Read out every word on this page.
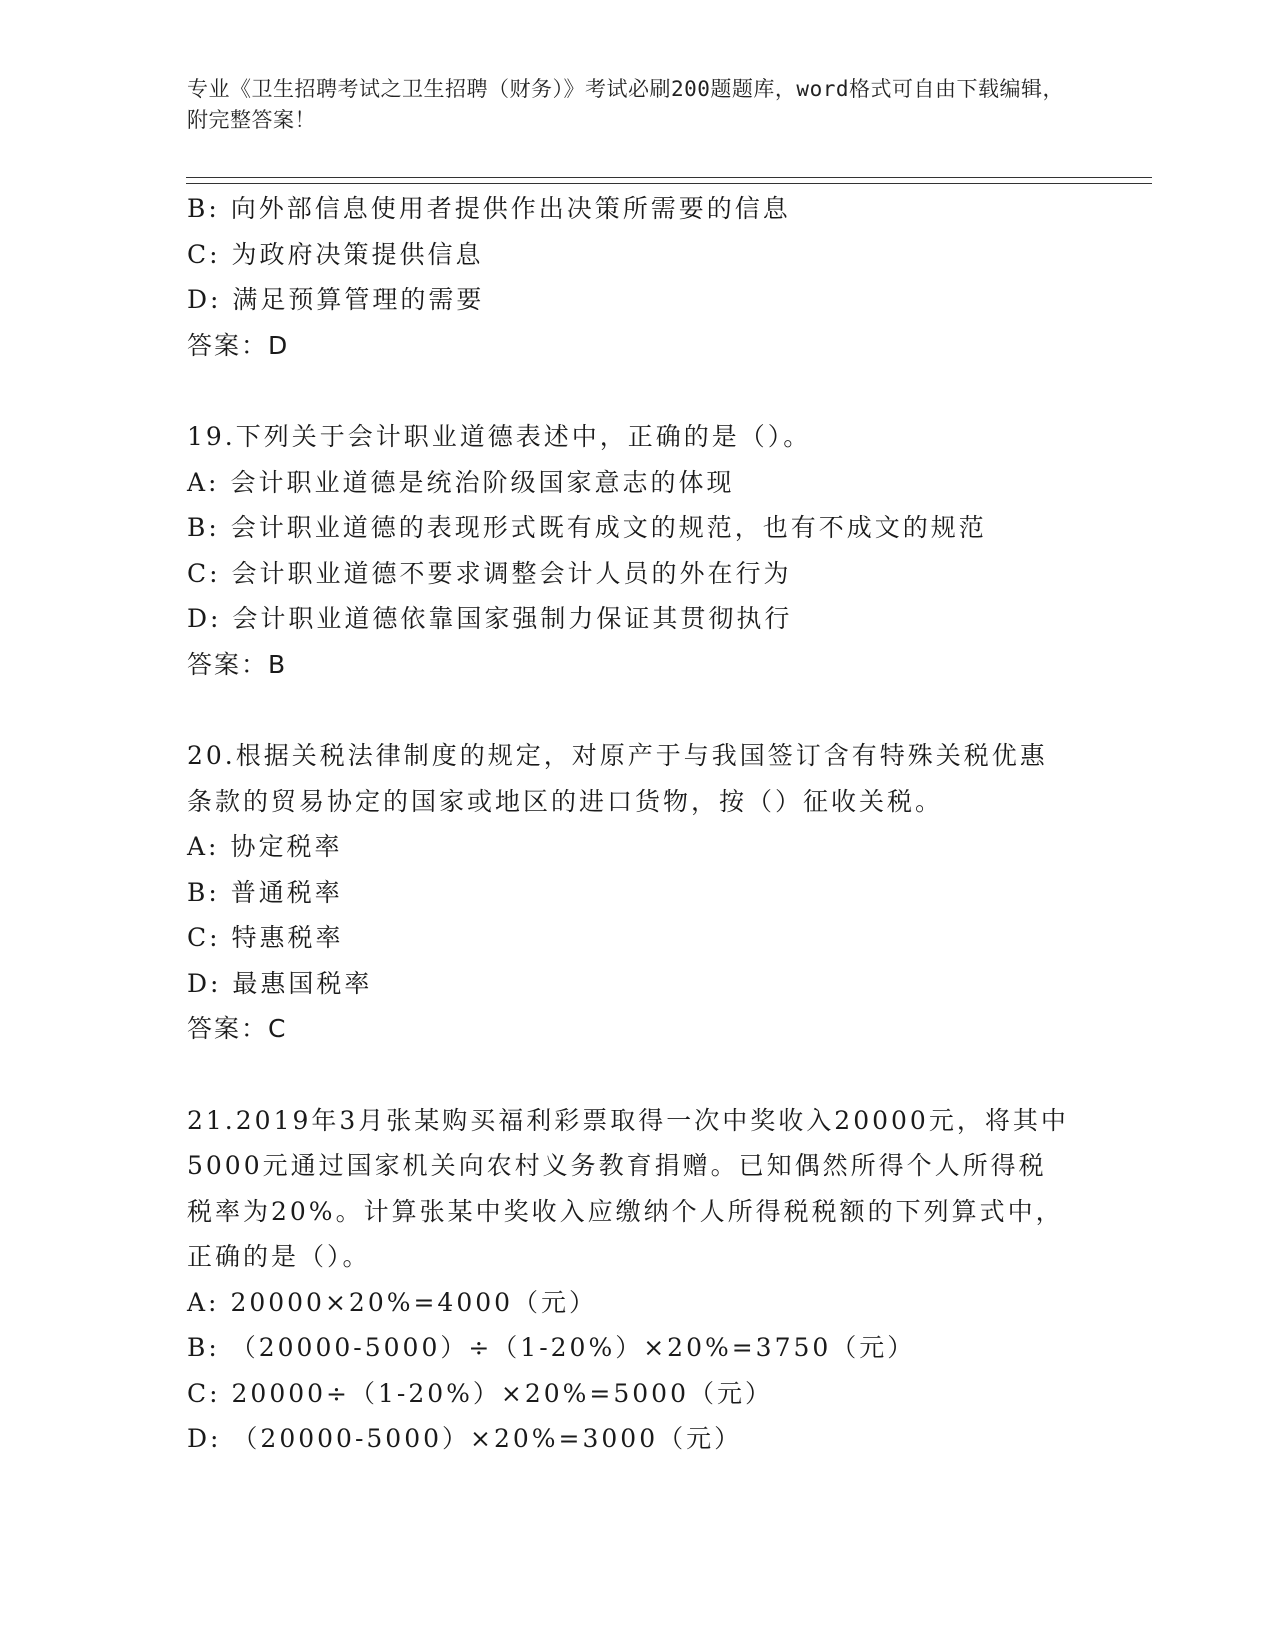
专业《卫生招聘考试之卫生招聘（财务）》考试必刷200题题库，word格式可自由下载编辑，附完整答案！
B: 向外部信息使用者提供作出决策所需要的信息
C: 为政府决策提供信息
D: 满足预算管理的需要
答案：D
19.下列关于会计职业道德表述中，正确的是（）。
A: 会计职业道德是统治阶级国家意志的体现
B: 会计职业道德的表现形式既有成文的规范，也有不成文的规范
C: 会计职业道德不要求调整会计人员的外在行为
D: 会计职业道德依靠国家强制力保证其贯彻执行
答案：B
20.根据关税法律制度的规定，对原产于与我国签订含有特殊关税优惠
条款的贸易协定的国家或地区的进口货物，按（）征收关税。
A: 协定税率
B: 普通税率
C: 特惠税率
D: 最惠国税率
答案：C
21.2019年3月张某购买福利彩票取得一次中奖收入20000元，将其中
5000元通过国家机关向农村义务教育捐赠。已知偶然所得个人所得税
税率为20%。计算张某中奖收入应缴纳个人所得税税额的下列算式中，
正确的是（）。
A: 20000×20%=4000（元）
B: （20000-5000）÷（1-20%）×20%=3750（元）
C: 20000÷（1-20%）×20%=5000（元）
D: （20000-5000）×20%=3000（元）
